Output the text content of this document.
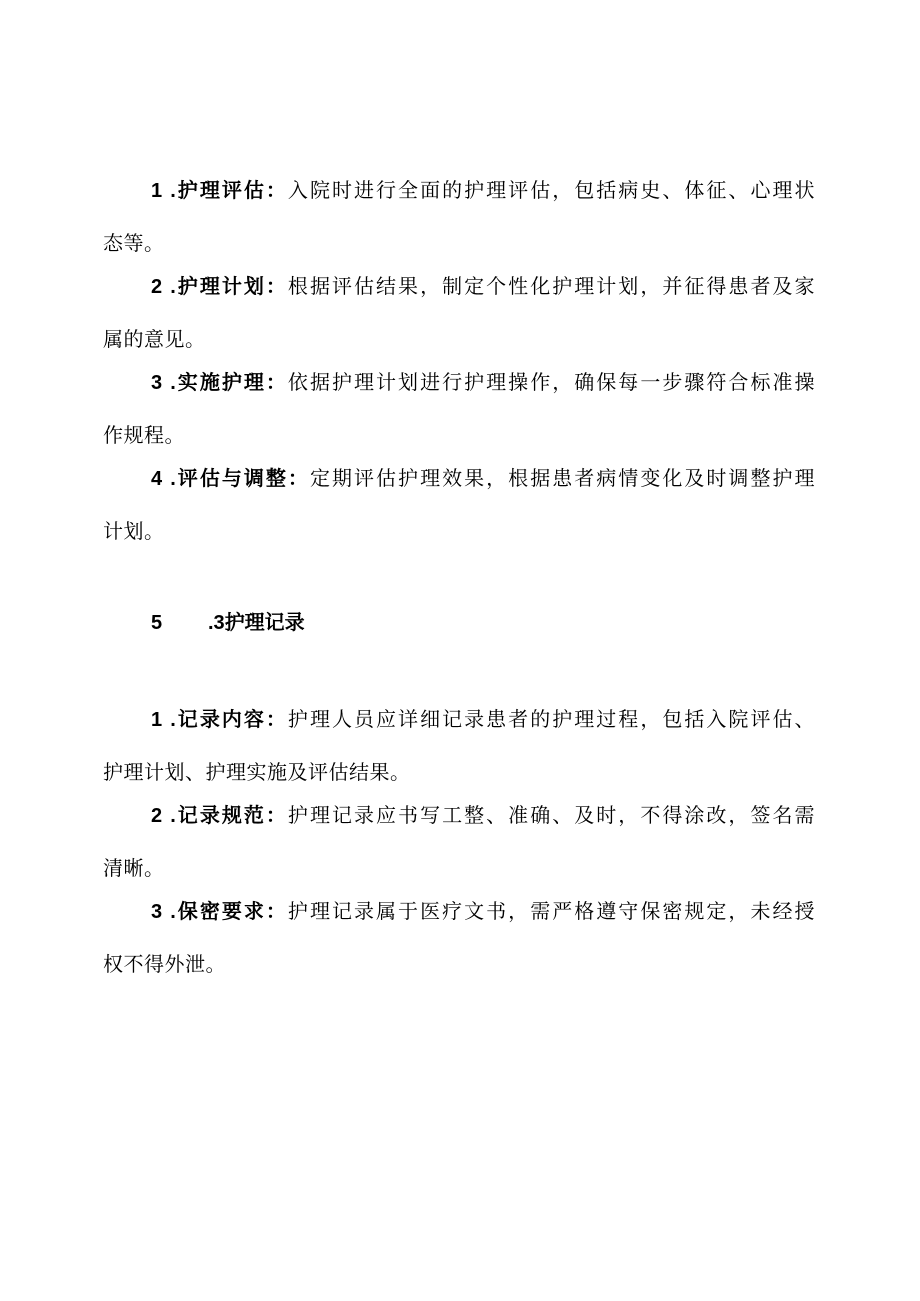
1 .护理评估：入院时进行全面的护理评估，包括病史、体征、心理状
态等。

2 .护理计划：根据评估结果，制定个性化护理计划，并征得患者及家
属的意见。

3 .实施护理：依据护理计划进行护理操作，确保每一步骤符合标准操
作规程。

4 .评估与调整：定期评估护理效果，根据患者病情变化及时调整护理
计划。

5 .3护理记录

1 .记录内容：护理人员应详细记录患者的护理过程，包括入院评估、
护理计划、护理实施及评估结果。

2 .记录规范：护理记录应书写工整、准确、及时，不得涂改，签名需
清晰。

3 .保密要求：护理记录属于医疗文书，需严格遵守保密规定，未经授
权不得外泄。
